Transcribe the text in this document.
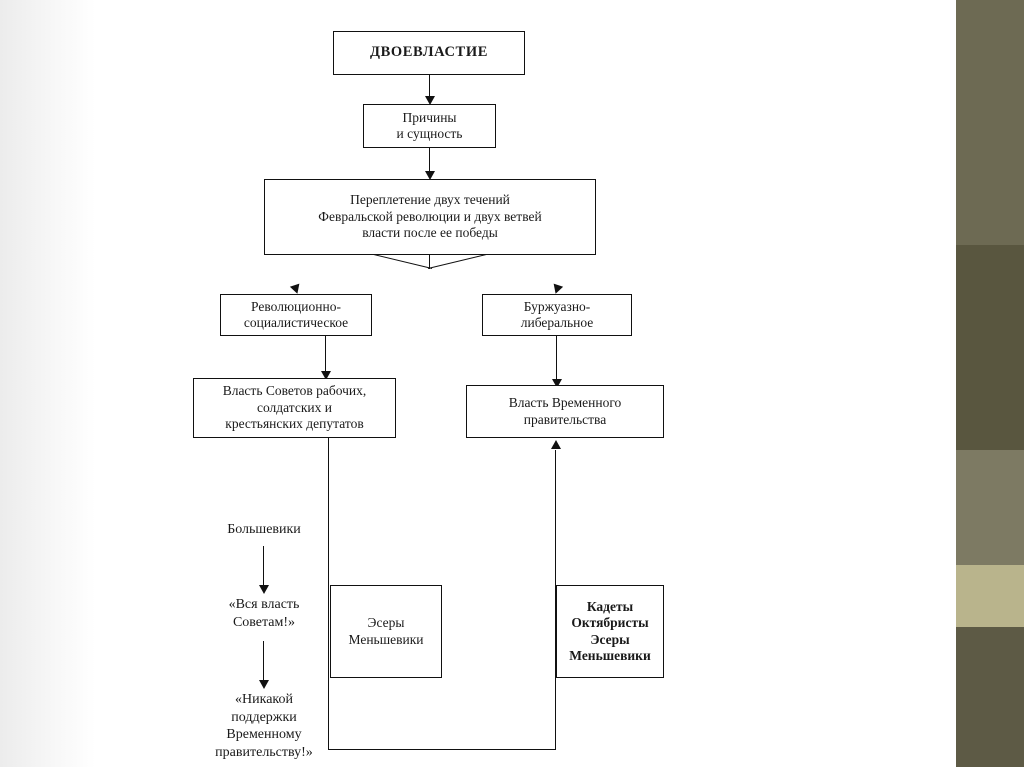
ДВОЕВЛАСТИЕ
Причины
и сущность
Переплетение двух течений
Февральской революции и двух ветвей
власти после ее победы
Революционно-
социалистическое
Буржуазно-
либеральное
Власть Советов рабочих,
солдатских и
крестьянских депутатов
Власть Временного
правительства
Большевики
«Вся власть
Советам!»
«Никакой
поддержки
Временному
правительству!»
Эсеры
Меньшевики
Кадеты
Октябристы
Эсеры
Меньшевики
